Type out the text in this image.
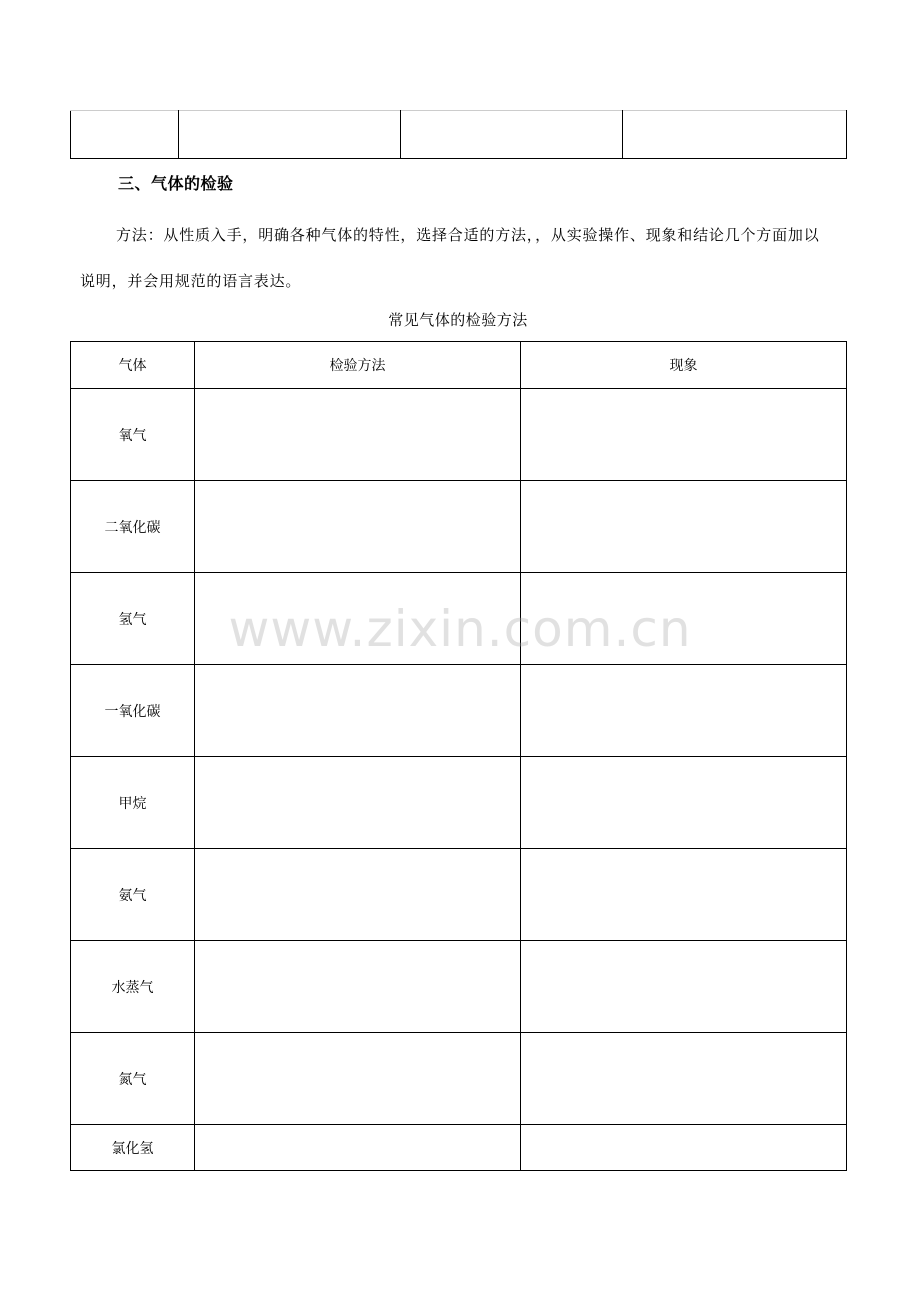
三、气体的检验

方法：从性质入手，明确各种气体的特性，选择合适的方法，，从实验操作、现象和结论几个方面加以说明，并会用规范的语言表达。

常见气体的检验方法

气体	检验方法	现象
氧气		
二氧化碳		
氢气		
一氧化碳		
甲烷		
氨气		
水蒸气		
氮气		
氯化氢		
www.zixin.com.cn
